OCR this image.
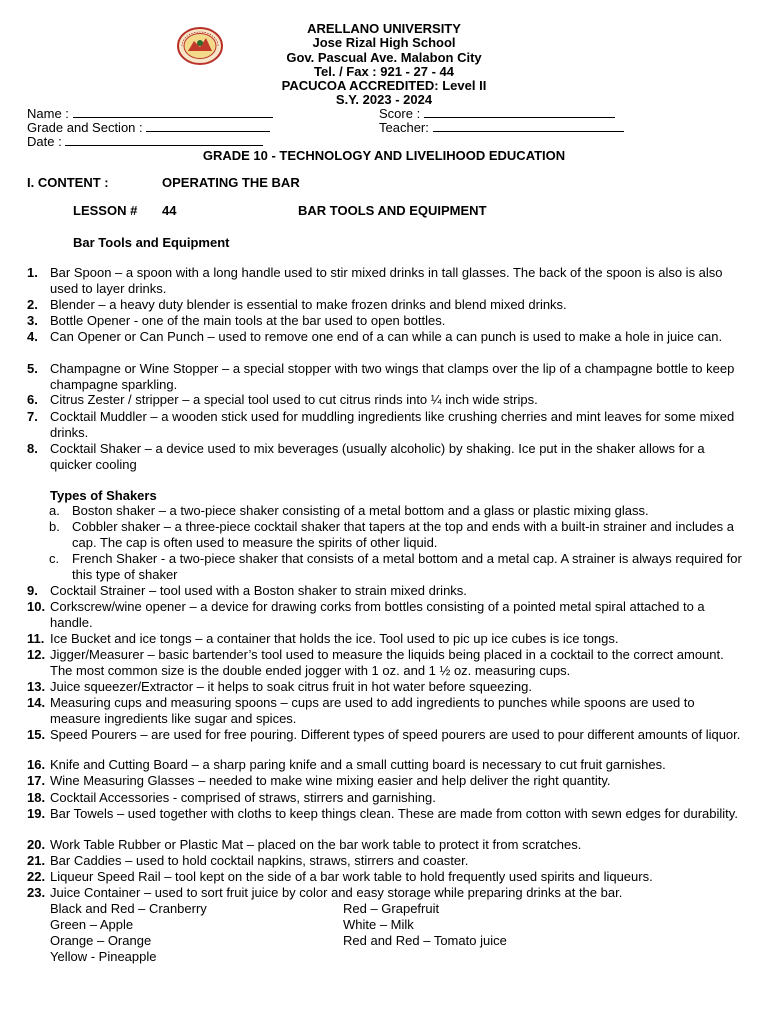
ARELLANO UNIVERSITY
Jose Rizal High School
Gov. Pascual Ave. Malabon City
Tel. / Fax : 921 - 27 - 44
PACUCOA ACCREDITED: Level II
S.Y. 2023 - 2024
Name :
Grade and Section :
Date :
Score :
Teacher:
GRADE 10 - TECHNOLOGY AND LIVELIHOOD EDUCATION
I. CONTENT :	OPERATING THE BAR
LESSON # 44	BAR TOOLS AND EQUIPMENT
Bar Tools and Equipment
1. Bar Spoon – a spoon with a long handle used to stir mixed drinks in tall glasses. The back of the spoon is also is also used to layer drinks.
2. Blender – a heavy duty blender is essential to make frozen drinks and blend mixed drinks.
3. Bottle Opener - one of the main tools at the bar used to open bottles.
4. Can Opener or Can Punch – used to remove one end of a can while a can punch is used to make a hole in juice can.
5. Champagne or Wine Stopper – a special stopper with two wings that clamps over the lip of a champagne bottle to keep champagne sparkling.
6. Citrus Zester / stripper – a special tool used to cut citrus rinds into ¼ inch wide strips.
7. Cocktail Muddler – a wooden stick used for muddling ingredients like crushing cherries and mint leaves for some mixed drinks.
8. Cocktail Shaker – a device used to mix beverages (usually alcoholic) by shaking. Ice put in the shaker allows for a quicker cooling
Types of Shakers
a. Boston shaker – a two-piece shaker consisting of a metal bottom and a glass or plastic mixing glass.
b. Cobbler shaker – a three-piece cocktail shaker that tapers at the top and ends with a built-in strainer and includes a cap. The cap is often used to measure the spirits of other liquid.
c. French Shaker - a two-piece shaker that consists of a metal bottom and a metal cap. A strainer is always required for this type of shaker
9. Cocktail Strainer – tool used with a Boston shaker to strain mixed drinks.
10. Corkscrew/wine opener – a device for drawing corks from bottles consisting of a pointed metal spiral attached to a handle.
11. Ice Bucket and ice tongs – a container that holds the ice. Tool used to pic up ice cubes is ice tongs.
12. Jigger/Measurer – basic bartender’s tool used to measure the liquids being placed in a cocktail to the correct amount. The most common size is the double ended jogger with 1 oz. and 1 ½ oz. measuring cups.
13. Juice squeezer/Extractor – it helps to soak citrus fruit in hot water before squeezing.
14. Measuring cups and measuring spoons – cups are used to add ingredients to punches while spoons are used to measure ingredients like sugar and spices.
15. Speed Pourers – are used for free pouring. Different types of speed pourers are used to pour different amounts of liquor.
16. Knife and Cutting Board – a sharp paring knife and a small cutting board is necessary to cut fruit garnishes.
17. Wine Measuring Glasses – needed to make wine mixing easier and help deliver the right quantity.
18. Cocktail Accessories - comprised of straws, stirrers and garnishing.
19. Bar Towels – used together with cloths to keep things clean. These are made from cotton with sewn edges for durability.
20. Work Table Rubber or Plastic Mat – placed on the bar work table to protect it from scratches.
21. Bar Caddies – used to hold cocktail napkins, straws, stirrers and coaster.
22. Liqueur Speed Rail – tool kept on the side of a bar work table to hold frequently used spirits and liqueurs.
23. Juice Container – used to sort fruit juice by color and easy storage while preparing drinks at the bar.
Black and Red – Cranberry
Green – Apple
Orange – Orange
Yellow - Pineapple
Red – Grapefruit
White – Milk
Red and Red – Tomato juice
